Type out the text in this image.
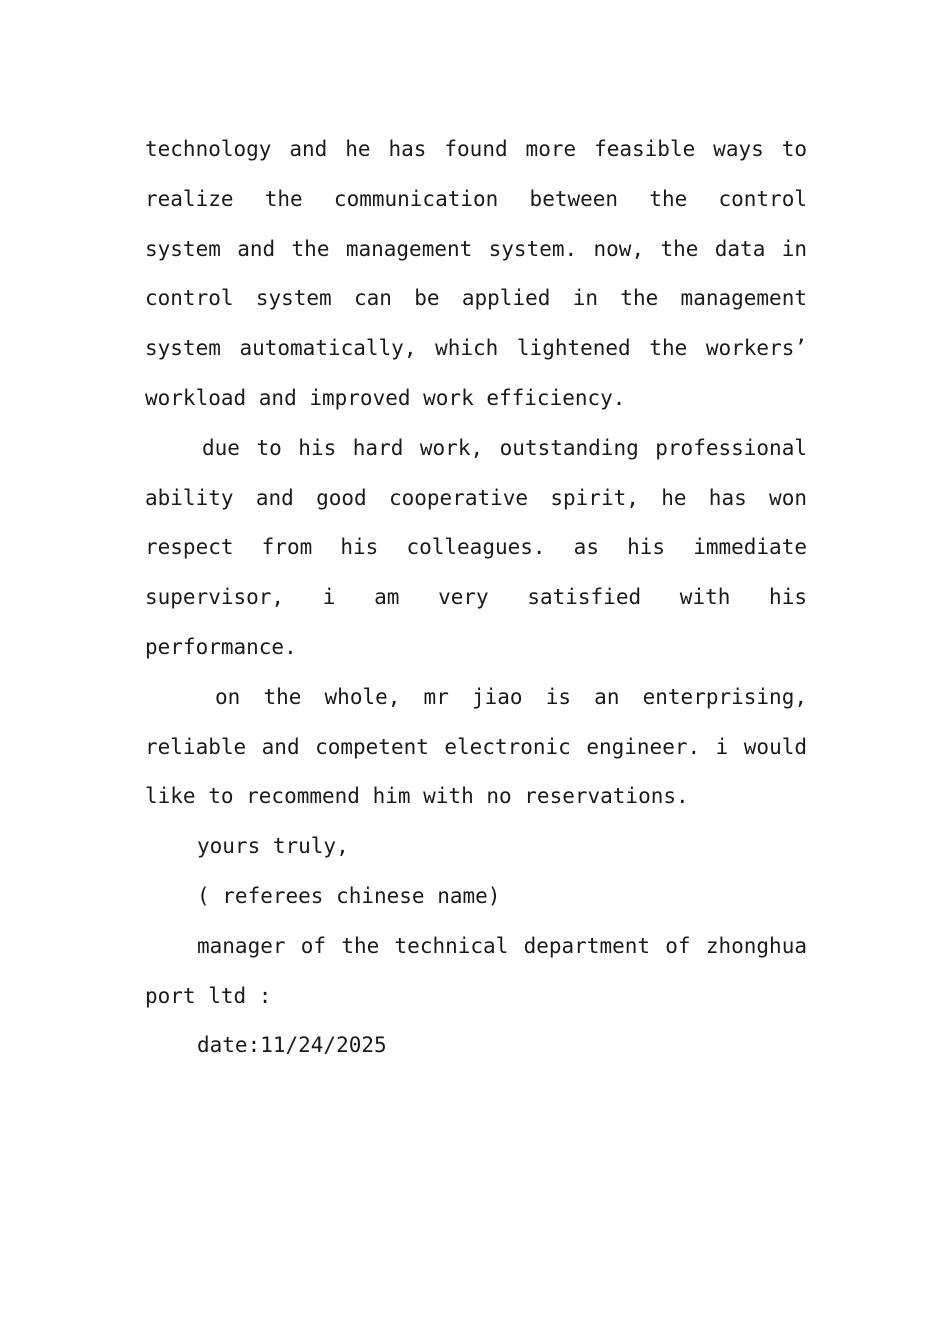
technology and he has found more feasible ways to
realize the communication between the control
system and the management system. now, the data in
control system can be applied in the management
system automatically, which lightened the workers’
workload and improved work efficiency.
due to his hard work, outstanding professional
ability and good cooperative spirit, he has won
respect from his colleagues. as his immediate
supervisor, i am very satisfied with his
performance.
on the whole, mr jiao is an enterprising,
reliable and competent electronic engineer. i would
like to recommend him with no reservations.

yours truly,

( referees chinese name)

manager of the technical department of zhonghua
port ltd :

date:11/24/2025
